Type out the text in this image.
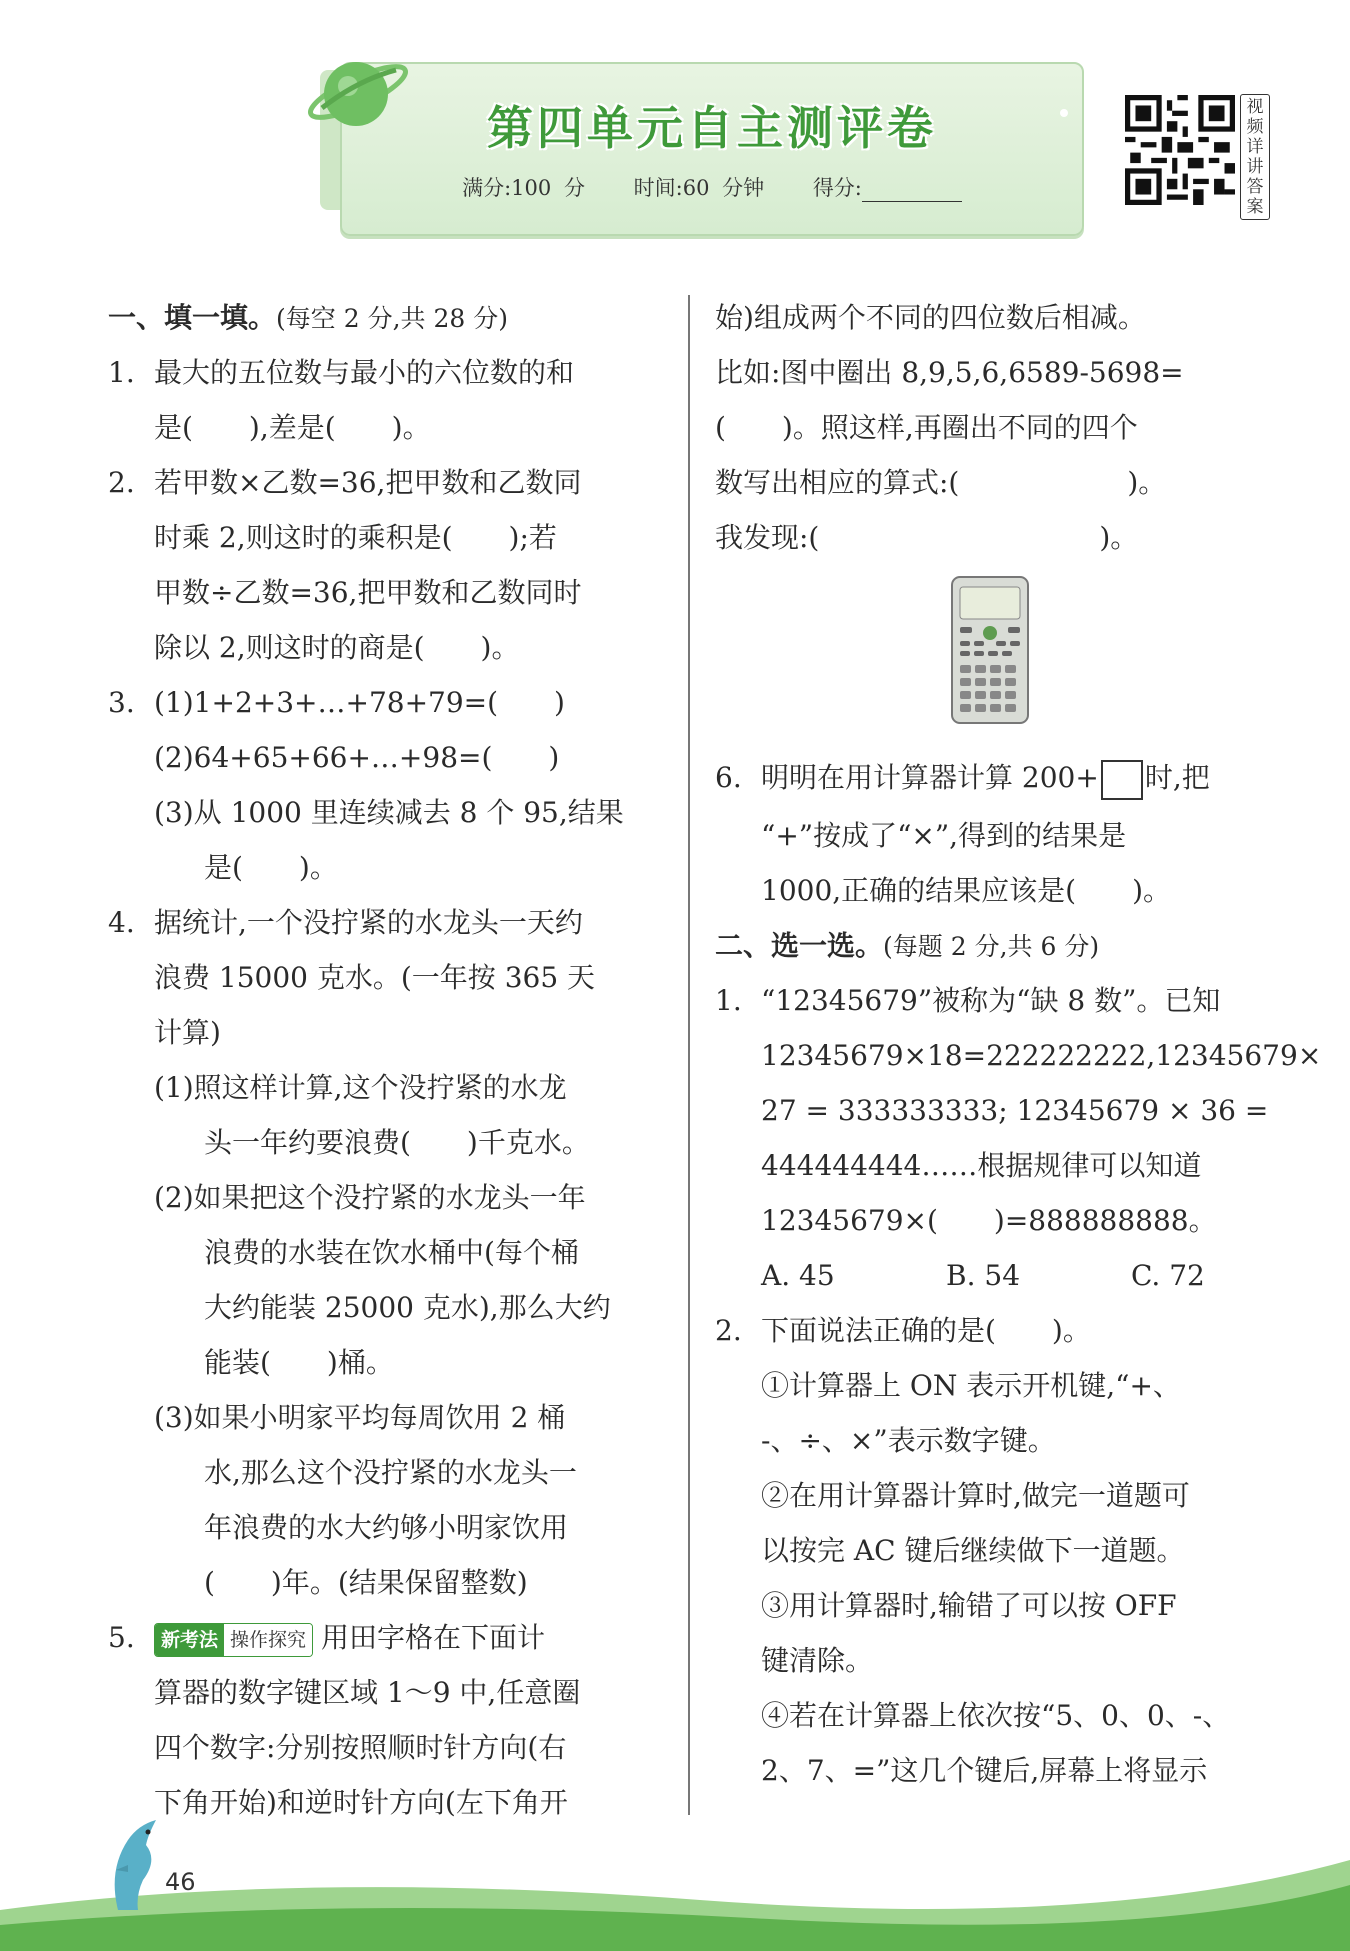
第四单元自主测评卷
满分:100 分 时间:60 分钟 得分:
视频详讲答案
一、填一填。(每空 2 分,共 28 分)
1. 最大的五位数与最小的六位数的和
是(　　),差是(　　)。
2. 若甲数×乙数=36,把甲数和乙数同
时乘 2,则这时的乘积是(　　);若
甲数÷乙数=36,把甲数和乙数同时
除以 2,则这时的商是(　　)。
3. (1)1+2+3+…+78+79=(　　)
(2)64+65+66+…+98=(　　)
(3)从 1000 里连续减去 8 个 95,结果
是(　　)。
4. 据统计,一个没拧紧的水龙头一天约
浪费 15000 克水。(一年按 365 天
计算)
(1)照这样计算,这个没拧紧的水龙
头一年约要浪费(　　)千克水。
(2)如果把这个没拧紧的水龙头一年
浪费的水装在饮水桶中(每个桶
大约能装 25000 克水),那么大约
能装(　　)桶。
(3)如果小明家平均每周饮用 2 桶
水,那么这个没拧紧的水龙头一
年浪费的水大约够小明家饮用
(　　)年。(结果保留整数)
5. 新考法 操作探究 用田字格在下面计
算器的数字键区域 1～9 中,任意圈
四个数字:分别按照顺时针方向(右
下角开始)和逆时针方向(左下角开
始)组成两个不同的四位数后相减。
比如:图中圈出 8,9,5,6,6589-5698=
(　　)。照这样,再圈出不同的四个
数写出相应的算式:(　　　　　　)。
我发现:(　　　　　　　　　　)。
6. 明明在用计算器计算 200+ 时,把
“+”按成了“×”,得到的结果是
1000,正确的结果应该是(　　)。
二、选一选。(每题 2 分,共 6 分)
1. “12345679”被称为“缺 8 数”。已知
12345679×18=222222222,12345679×
27 = 333333333; 12345679 × 36 =
444444444……根据规律可以知道
12345679×(　　)=888888888。
A. 45	B. 54	C. 72
2. 下面说法正确的是(　　)。
①计算器上 ON 表示开机键,“+、
-、÷、×”表示数字键。
②在用计算器计算时,做完一道题可
以按完 AC 键后继续做下一道题。
③用计算器时,输错了可以按 OFF
键清除。
④若在计算器上依次按“5、0、0、-、
2、7、=”这几个键后,屏幕上将显示
46
